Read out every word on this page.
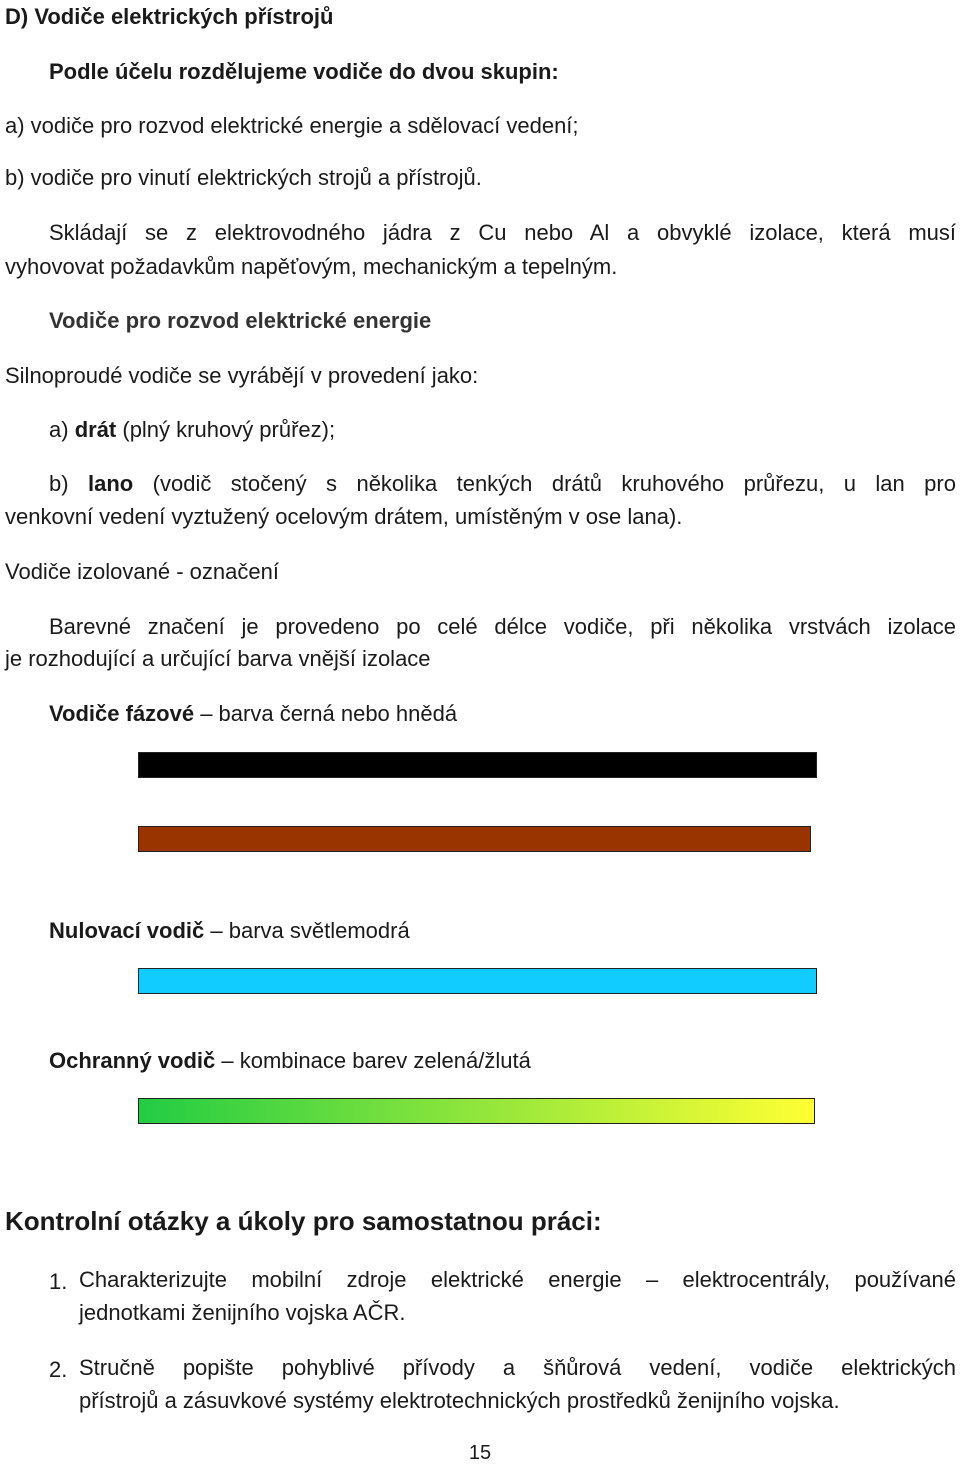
D) Vodiče elektrických přístrojů
Podle účelu rozdělujeme vodiče do dvou skupin:
a) vodiče pro rozvod elektrické energie a sdělovací vedení;
b) vodiče pro vinutí elektrických strojů a přístrojů.
Skládají se z elektrovodného jádra z Cu nebo Al a obvyklé izolace, která musí
vyhovovat požadavkům napěťovým, mechanickým a tepelným.
Vodiče pro rozvod elektrické energie
Silnoproudé vodiče se vyrábějí v provedení jako:
a) drát (plný kruhový průřez);
b) lano (vodič stočený s několika tenkých drátů kruhového průřezu, u lan pro
venkovní vedení vyztužený ocelovým drátem, umístěným v ose lana).
Vodiče izolované - označení
Barevné značení je provedeno po celé délce vodiče, při několika vrstvách izolace
je rozhodující a určující barva vnější izolace
Vodiče fázové – barva černá nebo hnědá
Nulovací vodič – barva světlemodrá
Ochranný vodič – kombinace barev zelená/žlutá
Kontrolní otázky a úkoly pro samostatnou práci:
1. Charakterizujte mobilní zdroje elektrické energie – elektrocentrály, používané
jednotkami ženijního vojska AČR.
2. Stručně popište pohyblivé přívody a šňůrová vedení, vodiče elektrických
přístrojů a zásuvkové systémy elektrotechnických prostředků ženijního vojska.
15
